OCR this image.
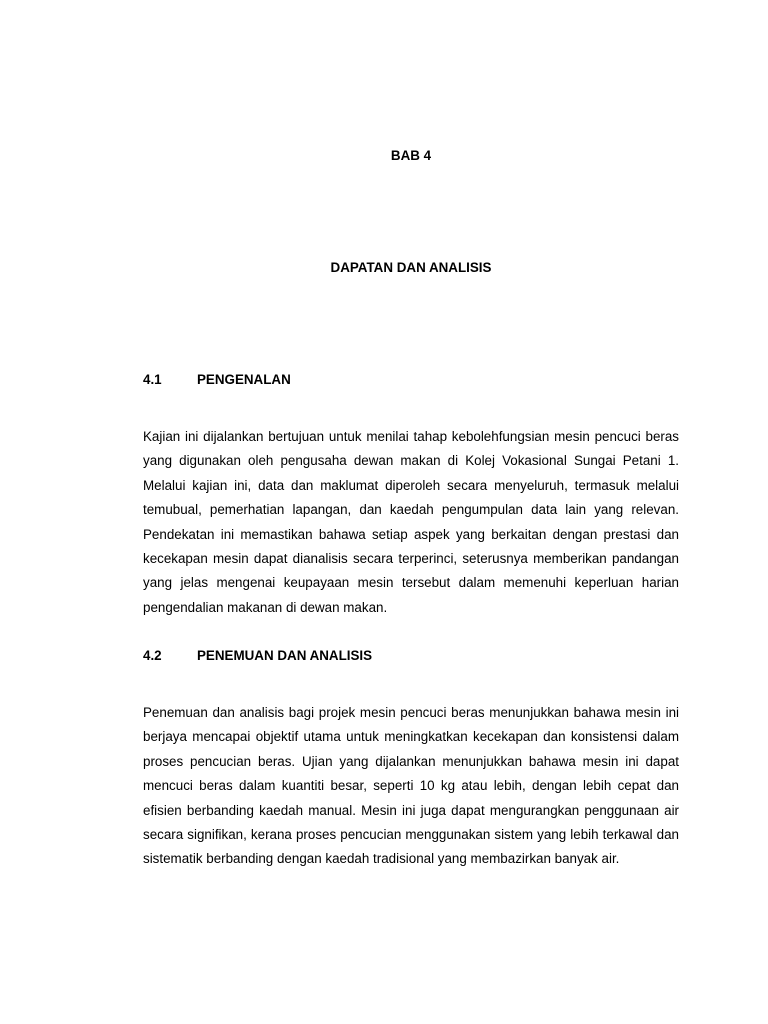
BAB 4
DAPATAN DAN ANALISIS
4.1	PENGENALAN

Kajian ini dijalankan bertujuan untuk menilai tahap kebolehfungsian mesin pencuci beras yang digunakan oleh pengusaha dewan makan di Kolej Vokasional Sungai Petani 1. Melalui kajian ini, data dan maklumat diperoleh secara menyeluruh, termasuk melalui temubual, pemerhatian lapangan, dan kaedah pengumpulan data lain yang relevan. Pendekatan ini memastikan bahawa setiap aspek yang berkaitan dengan prestasi dan kecekapan mesin dapat dianalisis secara terperinci, seterusnya memberikan pandangan yang jelas mengenai keupayaan mesin tersebut dalam memenuhi keperluan harian pengendalian makanan di dewan makan.

4.2	PENEMUAN DAN ANALISIS

Penemuan dan analisis bagi projek mesin pencuci beras menunjukkan bahawa mesin ini berjaya mencapai objektif utama untuk meningkatkan kecekapan dan konsistensi dalam proses pencucian beras. Ujian yang dijalankan menunjukkan bahawa mesin ini dapat mencuci beras dalam kuantiti besar, seperti 10 kg atau lebih, dengan lebih cepat dan efisien berbanding kaedah manual. Mesin ini juga dapat mengurangkan penggunaan air secara signifikan, kerana proses pencucian menggunakan sistem yang lebih terkawal dan sistematik berbanding dengan kaedah tradisional yang membazirkan banyak air.
